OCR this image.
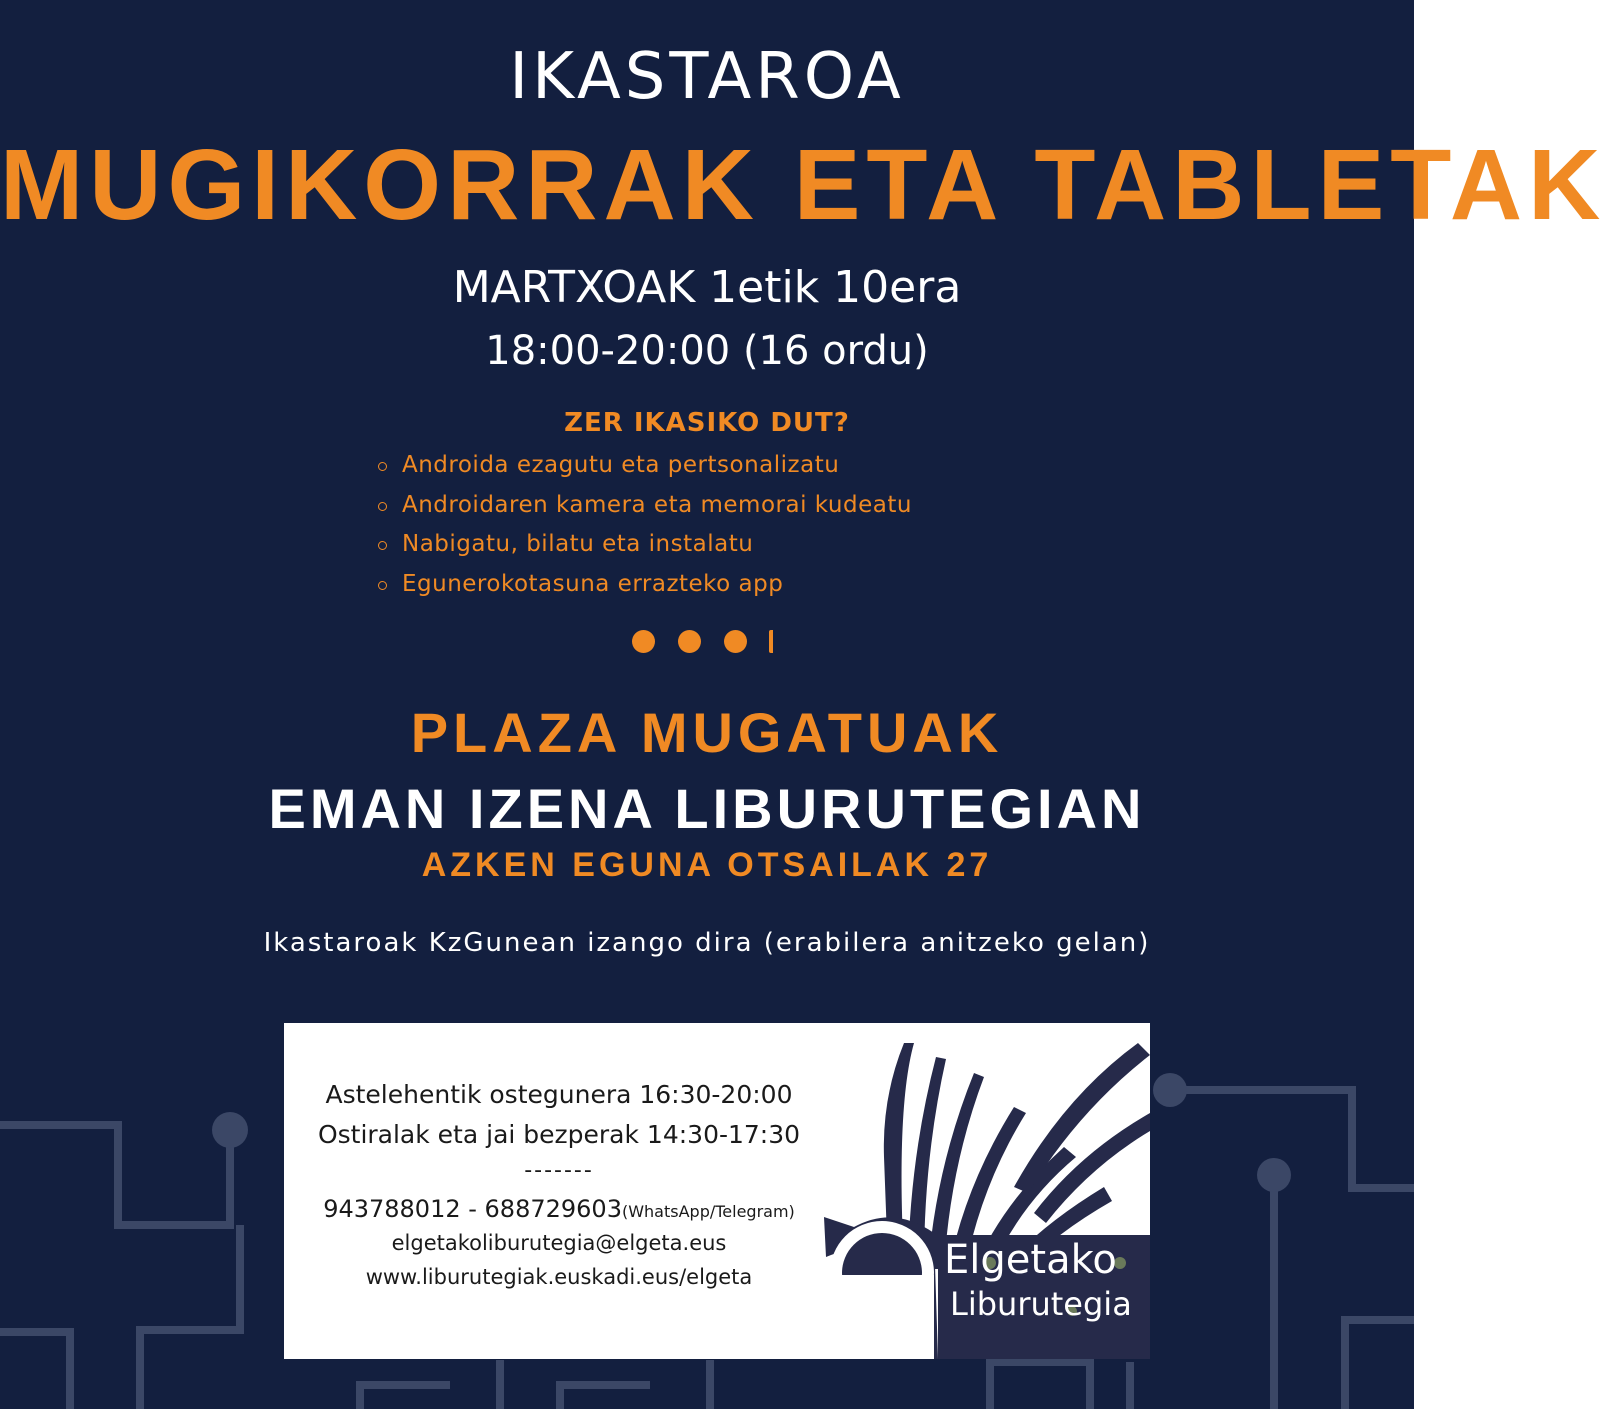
IKASTAROA
MUGIKORRAK ETA TABLETAK
MARTXOAK 1etik 10era
18:00-20:00 (16 ordu)
ZER IKASIKO DUT?
Androida ezagutu eta pertsonalizatu
Androidaren kamera eta memorai kudeatu
Nabigatu, bilatu eta instalatu
Egunerokotasuna errazteko app
PLAZA MUGATUAK
EMAN IZENA LIBURUTEGIAN
AZKEN EGUNA OTSAILAK 27
Ikastaroak KzGunean izango dira (erabilera anitzeko gelan)
Astelehentik ostegunera 16:30-20:00
Ostiralak eta jai bezperak 14:30-17:30
-------
943788012 - 688729603(WhatsApp/Telegram)
elgetakoliburutegia@elgeta.eus
www.liburutegiak.euskadi.eus/elgeta	Elgetako
Liburutegia
